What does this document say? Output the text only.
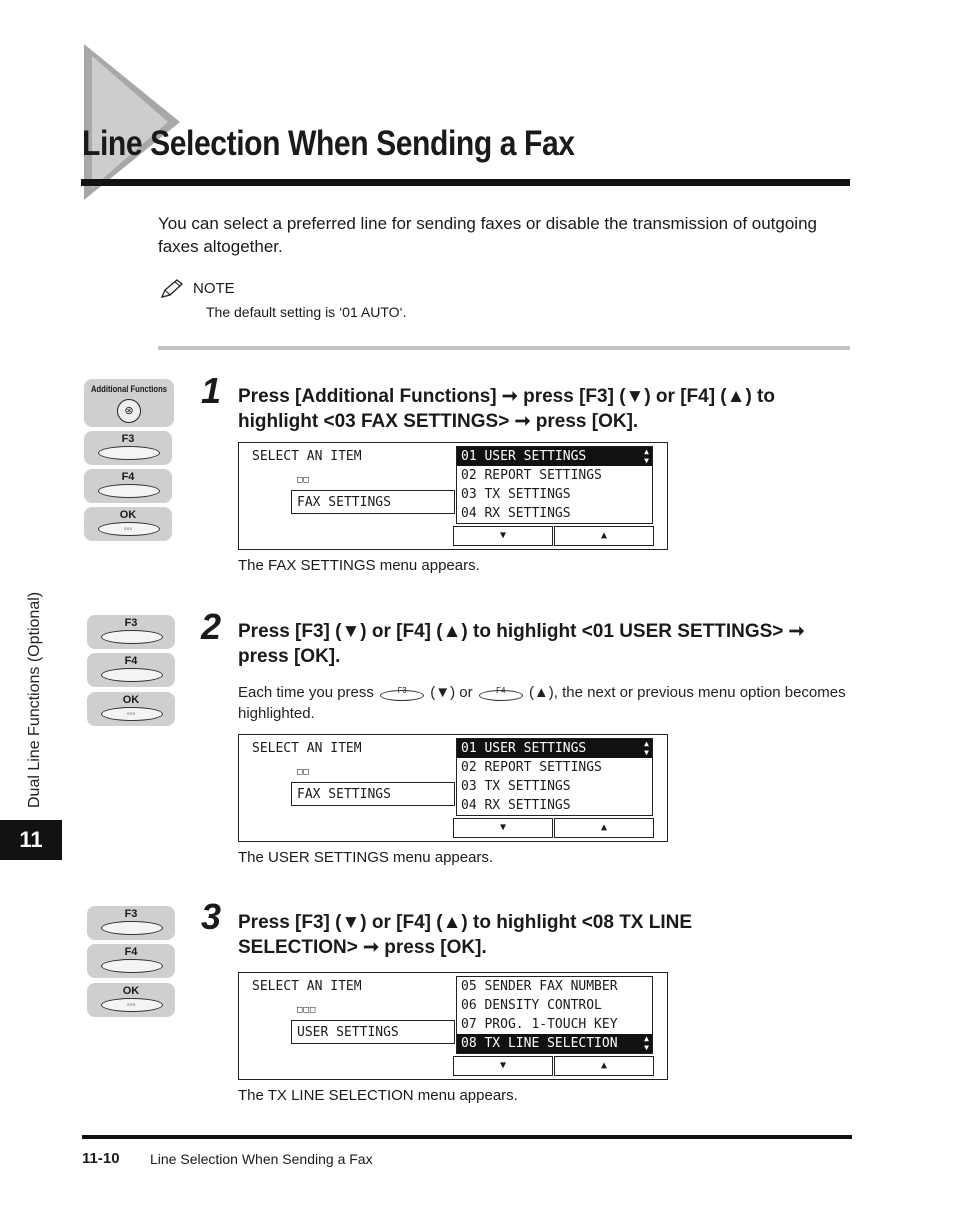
Line Selection When Sending a Fax
You can select a preferred line for sending faxes or disable the transmission of outgoing faxes altogether.
NOTE
The default setting is ‘01 AUTO‘.
Dual Line Functions (Optional)
11
Additional Functions
⊛
F3
F4
OK
◦◦◦
1 Press [Additional Functions] ➞ press [F3] (▼) or [F4] (▲) to highlight <03 FAX SETTINGS> ➞ press [OK].
SELECT AN ITEM
□□
FAX SETTINGS
01 USER SETTINGS	▲
▼
02 REPORT SETTINGS
03 TX SETTINGS
04 RX SETTINGS
▼	▲
The FAX SETTINGS menu appears.
F3
F4
OK
◦◦◦
2 Press [F3] (▼) or [F4] (▲) to highlight <01 USER SETTINGS> ➞ press [OK].
Each time you press	F3	(▼) or	F4	(▲), the next or previous menu option becomes highlighted.
SELECT AN ITEM
□□
FAX SETTINGS
01 USER SETTINGS	▲
▼
02 REPORT SETTINGS
03 TX SETTINGS
04 RX SETTINGS
▼	▲
The USER SETTINGS menu appears.
F3
F4
OK
◦◦◦
3 Press [F3] (▼) or [F4] (▲) to highlight <08 TX LINE SELECTION> ➞ press [OK].
SELECT AN ITEM
□□□
USER SETTINGS
05 SENDER FAX NUMBER
06 DENSITY CONTROL
07 PROG. 1-TOUCH KEY
08 TX LINE SELECTION	▲
▼
▼	▲
The TX LINE SELECTION menu appears.
11-10 Line Selection When Sending a Fax
